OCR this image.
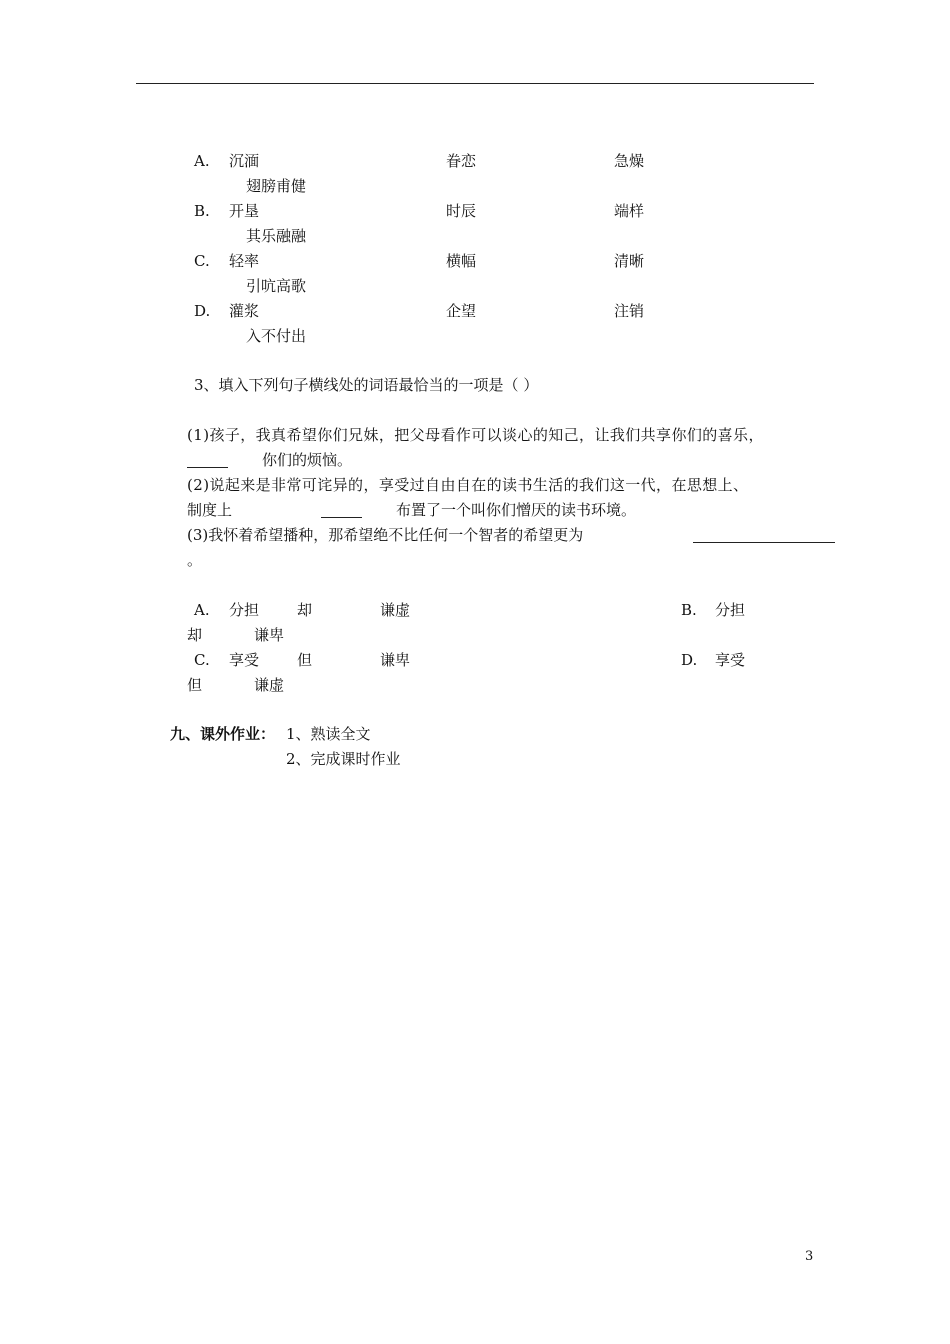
A. 沉湎	眷恋	急燥
翅膀甫健
B. 开垦	时辰	端样
其乐融融
C. 轻率	横幅	清晰
引吭高歌
D. 灌浆	企望	注销
入不付出
3、填入下列句子横线处的词语最恰当的一项是（ ）
(1)孩子，我真希望你们兄妹，把父母看作可以谈心的知己，让我们共享你们的喜乐，
你们的烦恼。
(2)说起来是非常可诧异的，享受过自由自在的读书生活的我们这一代，在思想上、
制度上	布置了一个叫你们憎厌的读书环境。
(3)我怀着希望播种，那希望绝不比任何一个智者的希望更为
。
A. 分担	却	谦虚	B. 分担
却	谦卑
C. 享受	但	谦卑	D. 享受
但	谦虚
九、课外作业： 1、熟读全文
2、完成课时作业
3
